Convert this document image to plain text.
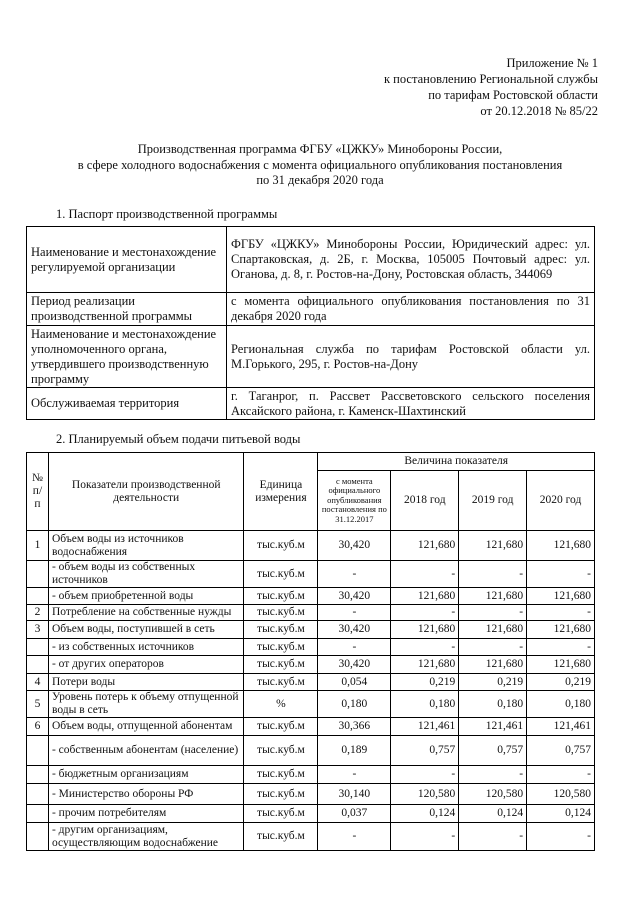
Приложение № 1
к постановлению Региональной службы
по тарифам Ростовской области
от 20.12.2018 № 85/22
Производственная программа ФГБУ «ЦЖКУ» Минобороны России,
в сфере холодного водоснабжения с момента официального опубликования постановления
по 31 декабря 2020 года
1. Паспорт производственной программы
Наименование и местонахождение регулируемой организации	ФГБУ «ЦЖКУ» Минобороны России, Юридический адрес: ул. Спартаковская, д. 2Б, г. Москва, 105005 Почтовый адрес: ул. Оганова, д. 8, г. Ростов-на-Дону, Ростовская область, 344069
Период реализации производственной программы	с момента официального опубликования постановления по 31 декабря 2020 года
Наименование и местонахождение уполномоченного органа, утвердившего производственную программу	Региональная служба по тарифам Ростовской области ул. М.Горького, 295, г. Ростов-на-Дону
Обслуживаемая территория	г. Таганрог, п. Рассвет Рассветовского сельского поселения Аксайского района, г. Каменск-Шахтинский
2. Планируемый объем подачи питьевой воды
№ п/п	Показатели производственной деятельности	Единица измерения	Величина показателя			
			с момента официального опубликования постановления по 31.12.2017	2018 год	2019 год	2020 год
1	Объем воды из источников водоснабжения	тыс.куб.м	30,420	121,680	121,680	121,680
	- объем воды из собственных источников	тыс.куб.м	-	-	-	-
	- объем приобретенной воды	тыс.куб.м	30,420	121,680	121,680	121,680
2	Потребление на собственные нужды	тыс.куб.м	-	-	-	-
3	Объем воды, поступившей в сеть	тыс.куб.м	30,420	121,680	121,680	121,680
	- из собственных источников	тыс.куб.м	-	-	-	-
	- от других операторов	тыс.куб.м	30,420	121,680	121,680	121,680
4	Потери воды	тыс.куб.м	0,054	0,219	0,219	0,219
5	Уровень потерь к объему отпущенной воды в сеть	%	0,180	0,180	0,180	0,180
6	Объем воды, отпущенной абонентам	тыс.куб.м	30,366	121,461	121,461	121,461
	- собственным абонентам (население)	тыс.куб.м	0,189	0,757	0,757	0,757
	- бюджетным организациям	тыс.куб.м	-	-	-	-
	- Министерство обороны РФ	тыс.куб.м	30,140	120,580	120,580	120,580
	- прочим потребителям	тыс.куб.м	0,037	0,124	0,124	0,124
	- другим организациям, осуществляющим водоснабжение	тыс.куб.м	-	-	-	-
